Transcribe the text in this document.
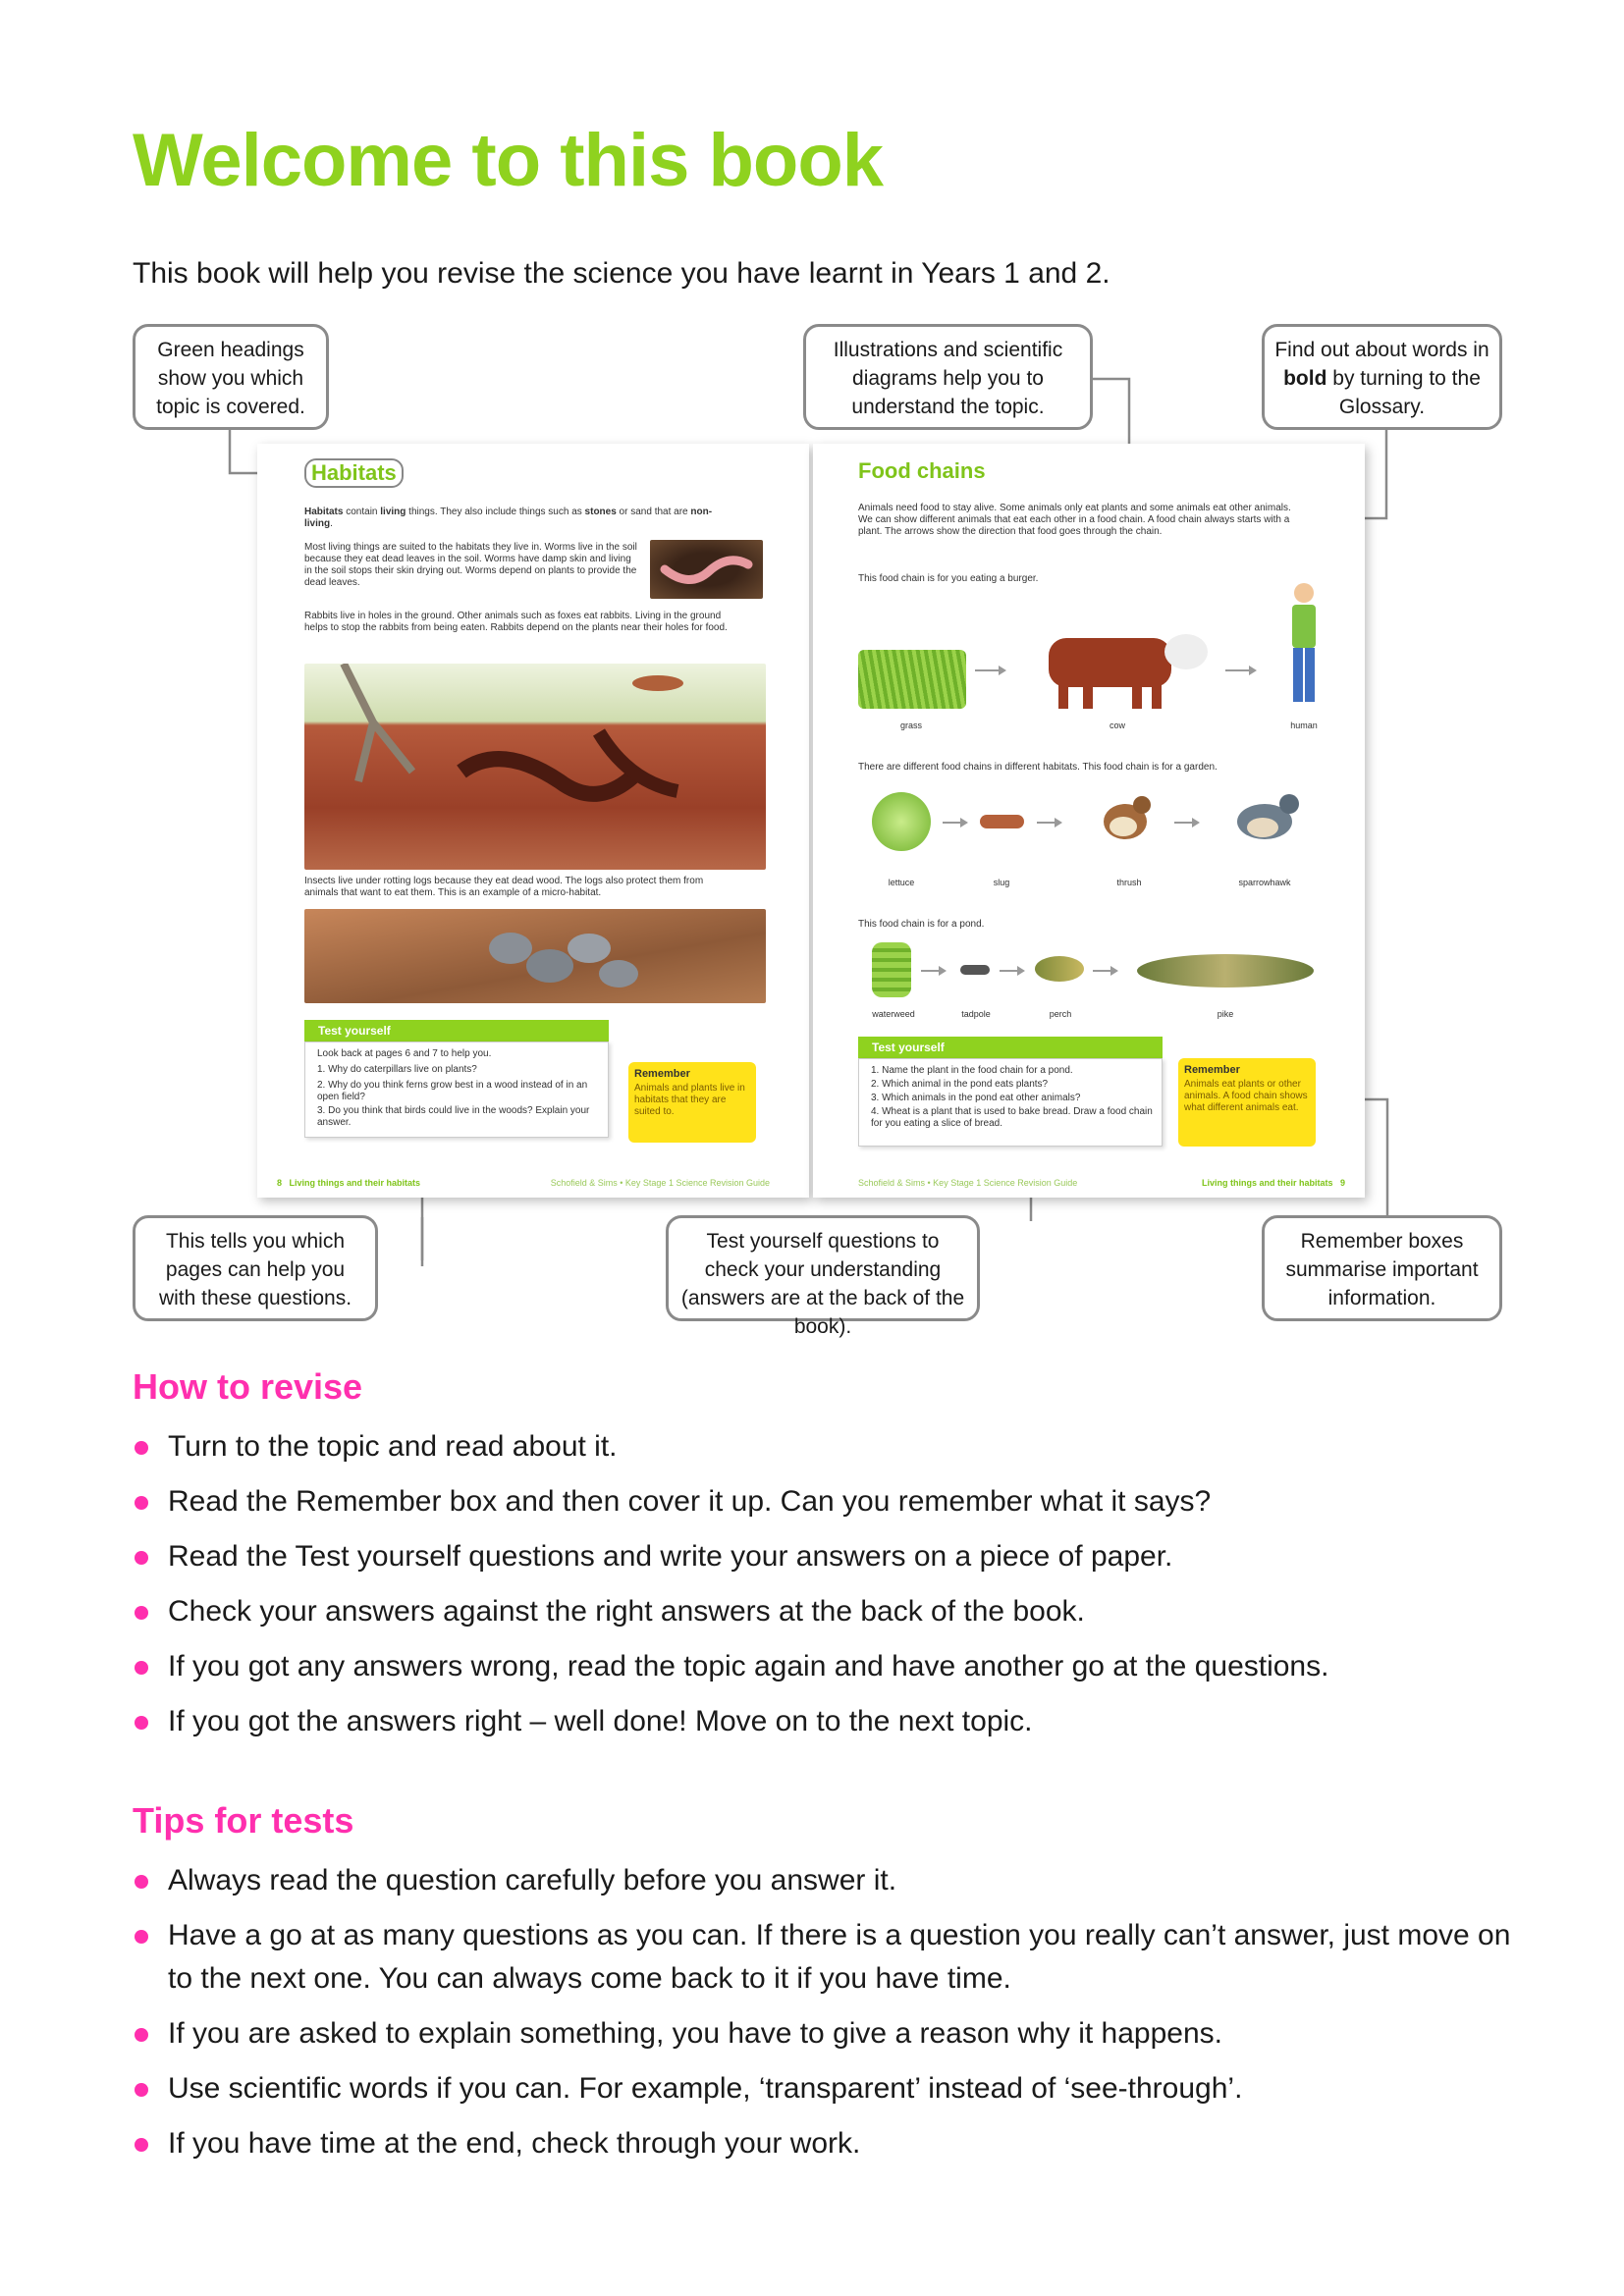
Welcome to this book

This book will help you revise the science you have learnt in Years 1 and 2.

Green headings show you which topic is covered.
Illustrations and scientific diagrams help you to understand the topic.
Find out about words in bold by turning to the Glossary.
This tells you which pages can help you with these questions.
Test yourself questions to check your understanding (answers are at the back of the book).
Remember boxes summarise important information.
Habitats
Habitats contain living things. They also include things such as stones or sand that are non-living.
Most living things are suited to the habitats they live in. Worms live in the soil because they eat dead leaves in the soil. Worms have damp skin and living in the soil stops their skin drying out. Worms depend on plants to provide the dead leaves.
Rabbits live in holes in the ground. Other animals such as foxes eat rabbits. Living in the ground helps to stop the rabbits from being eaten. Rabbits depend on the plants near their holes for food.
Insects live under rotting logs because they eat dead wood. The logs also protect them from animals that want to eat them. This is an example of a micro-habitat.
Test yourself
Look back at pages 6 and 7 to help you.
1. Why do caterpillars live on plants?
2. Why do you think ferns grow best in a wood instead of in an open field?
3. Do you think that birds could live in the woods? Explain your answer.
Remember
Animals and plants live in habitats that they are suited to.
8 Living things and their habitats	Schofield & Sims • Key Stage 1 Science Revision Guide
Food chains
Animals need food to stay alive. Some animals only eat plants and some animals eat other animals. We can show different animals that eat each other in a food chain. A food chain always starts with a plant. The arrows show the direction that food goes through the chain.
This food chain is for you eating a burger.
grass	cow	human
There are different food chains in different habitats. This food chain is for a garden.
lettuce	slug	thrush	sparrowhawk
This food chain is for a pond.
waterweed	tadpole	perch	pike
Test yourself
1. Name the plant in the food chain for a pond.
2. Which animal in the pond eats plants?
3. Which animals in the pond eat other animals?
4. Wheat is a plant that is used to bake bread. Draw a food chain for you eating a slice of bread.
Remember
Animals eat plants or other animals. A food chain shows what different animals eat.
Schofield & Sims • Key Stage 1 Science Revision Guide	Living things and their habitats 9
How to revise
Turn to the topic and read about it.
Read the Remember box and then cover it up. Can you remember what it says?
Read the Test yourself questions and write your answers on a piece of paper.
Check your answers against the right answers at the back of the book.
If you got any answers wrong, read the topic again and have another go at the questions.
If you got the answers right – well done! Move on to the next topic.
Tips for tests
Always read the question carefully before you answer it.
Have a go at as many questions as you can. If there is a question you really can’t answer, just move on to the next one. You can always come back to it if you have time.
If you are asked to explain something, you have to give a reason why it happens.
Use scientific words if you can. For example, ‘transparent’ instead of ‘see-through’.
If you have time at the end, check through your work.
